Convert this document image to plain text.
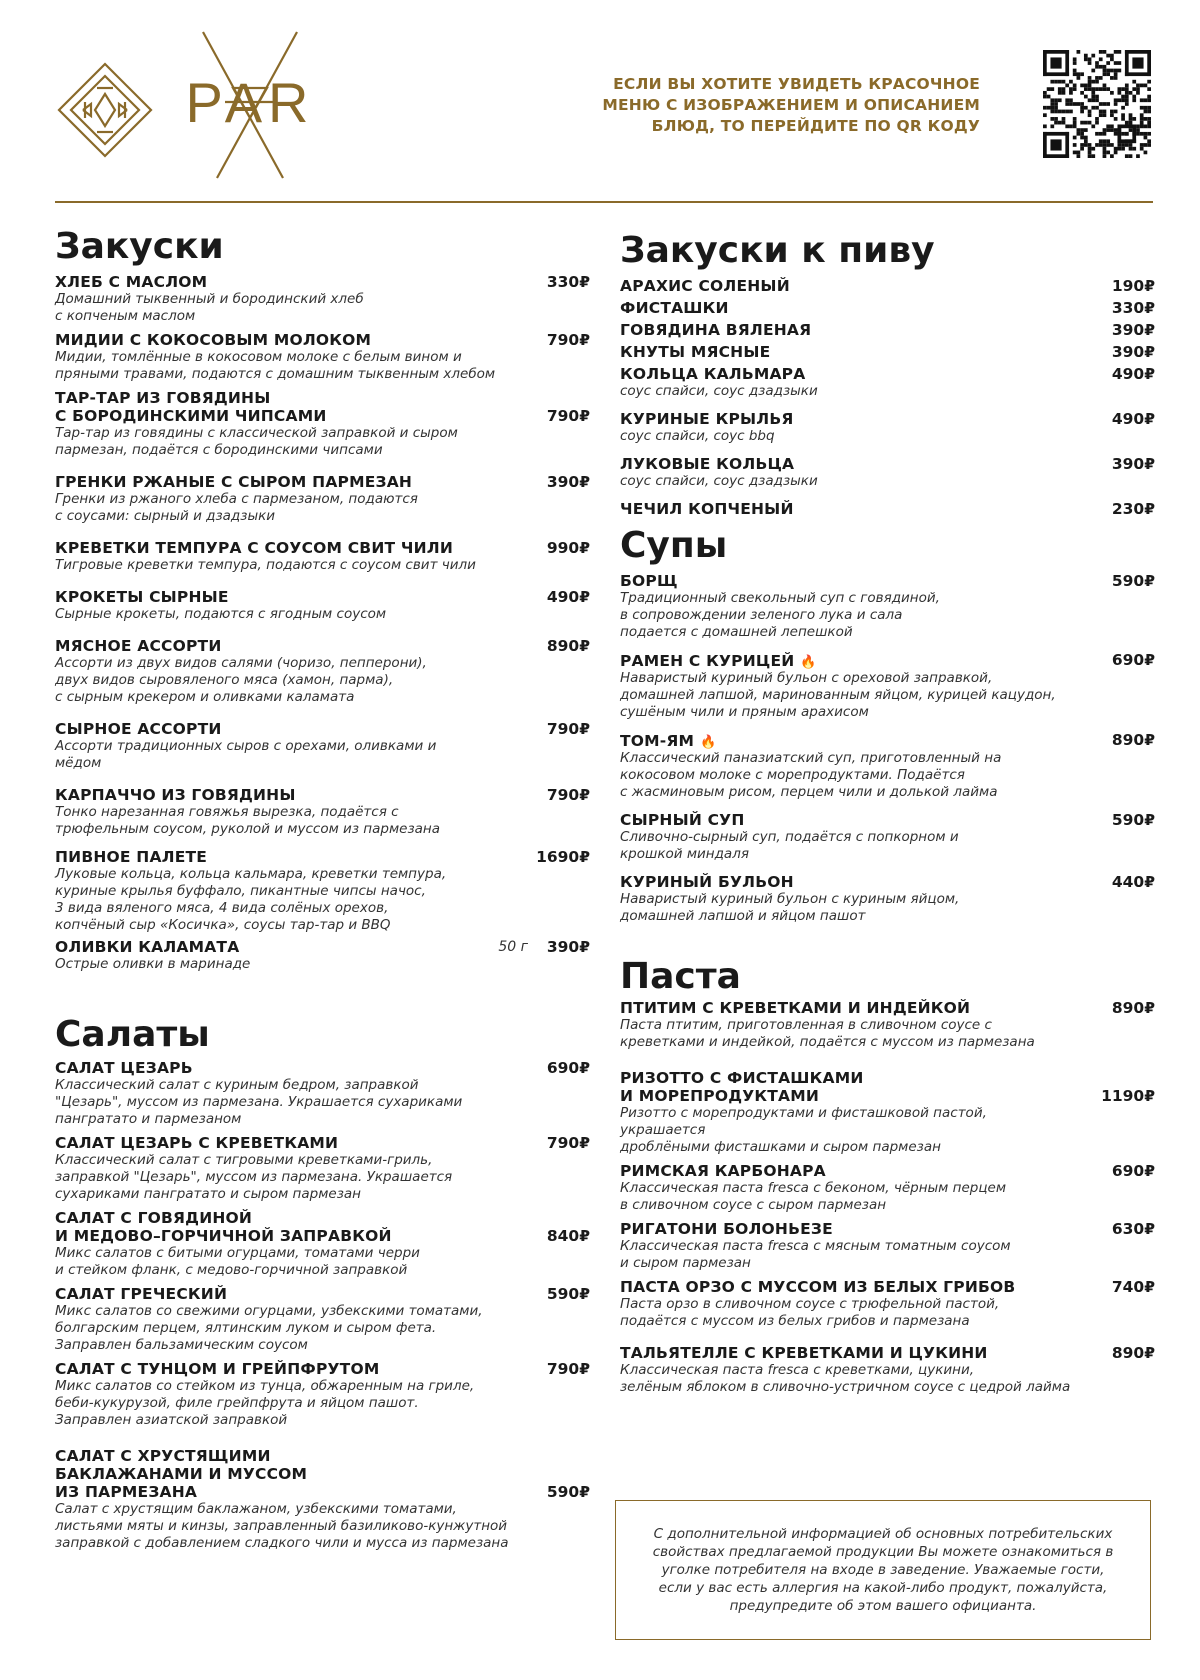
PAR	ЕСЛИ ВЫ ХОТИТЕ УВИДЕТЬ КРАСОЧНОЕ
МЕНЮ С ИЗОБРАЖЕНИЕМ И ОПИСАНИЕМ
БЛЮД, ТО ПЕРЕЙДИТЕ ПО QR КОДУ
Закуски
ХЛЕБ С МАСЛОМ	330₽
Домашний тыквенный и бородинский хлеб
с копченым маслом
МИДИИ С КОКОСОВЫМ МОЛОКОМ	790₽
Мидии, томлённые в кокосовом молоке с белым вином и
пряными травами, подаются с домашним тыквенным хлебом
ТАР-ТАР ИЗ ГОВЯДИНЫ
С БОРОДИНСКИМИ ЧИПСАМИ	790₽
Тар-тар из говядины с классической заправкой и сыром
пармезан, подаётся с бородинскими чипсами
ГРЕНКИ РЖАНЫЕ С СЫРОМ ПАРМЕЗАН	390₽
Гренки из ржаного хлеба с пармезаном, подаются
с соусами: сырный и дзадзыки
КРЕВЕТКИ ТЕМПУРА С СОУСОМ СВИТ ЧИЛИ	990₽
Тигровые креветки темпура, подаются с соусом свит чили
КРОКЕТЫ СЫРНЫЕ	490₽
Сырные крокеты, подаются с ягодным соусом
МЯСНОЕ АССОРТИ	890₽
Ассорти из двух видов салями (чоризо, пепперони),
двух видов сыровяленого мяса (хамон, парма),
с сырным крекером и оливками каламата
СЫРНОЕ АССОРТИ	790₽
Ассорти традиционных сыров с орехами, оливками и
мёдом
КАРПАЧЧО ИЗ ГОВЯДИНЫ	790₽
Тонко нарезанная говяжья вырезка, подаётся с
трюфельным соусом, руколой и муссом из пармезана
ПИВНОЕ ПАЛЕТЕ	1690₽
Луковые кольца, кольца кальмара, креветки темпура,
куриные крылья буффало, пикантные чипсы начос,
3 вида вяленого мяса, 4 вида солёных орехов,
копчёный сыр «Косичка», соусы тар-тар и BBQ
ОЛИВКИ КАЛАМАТА	390₽
50 г
Острые оливки в маринаде
Салаты
САЛАТ ЦЕЗАРЬ	690₽
Классический салат с куриным бедром, заправкой
"Цезарь", муссом из пармезана. Украшается сухариками
пангратато и пармезаном
САЛАТ ЦЕЗАРЬ С КРЕВЕТКАМИ	790₽
Классический салат с тигровыми креветками-гриль,
заправкой "Цезарь", муссом из пармезана. Украшается
сухариками пангратато и сыром пармезан
САЛАТ С ГОВЯДИНОЙ
И МЕДОВО–ГОРЧИЧНОЙ ЗАПРАВКОЙ	840₽
Микс салатов с битыми огурцами, томатами черри
и стейком фланк, с медово-горчичной заправкой
САЛАТ ГРЕЧЕСКИЙ	590₽
Микс салатов со свежими огурцами, узбекскими томатами,
болгарским перцем, ялтинским луком и сыром фета.
Заправлен бальзамическим соусом
САЛАТ С ТУНЦОМ И ГРЕЙПФРУТОМ	790₽
Микс салатов со стейком из тунца, обжаренным на гриле,
беби-кукурузой, филе грейпфрута и яйцом пашот.
Заправлен азиатской заправкой
САЛАТ С ХРУСТЯЩИМИ
БАКЛАЖАНАМИ И МУССОМ
ИЗ ПАРМЕЗАНА	590₽
Салат с хрустящим баклажаном, узбекскими томатами,
листьями мяты и кинзы, заправленный базиликово-кунжутной
заправкой с добавлением сладкого чили и мусса из пармезана
Закуски к пиву
АРАХИС СОЛЕНЫЙ	190₽
ФИСТАШКИ	330₽
ГОВЯДИНА ВЯЛЕНАЯ	390₽
КНУТЫ МЯСНЫЕ	390₽
КОЛЬЦА КАЛЬМАРА	490₽
соус спайси, соус дзадзыки
КУРИНЫЕ КРЫЛЬЯ	490₽
соус спайси, соус bbq
ЛУКОВЫЕ КОЛЬЦА	390₽
соус спайси, соус дзадзыки
ЧЕЧИЛ КОПЧЕНЫЙ	230₽
Супы
БОРЩ	590₽
Традиционный свекольный суп с говядиной,
в сопровождении зеленого лука и сала
подается с домашней лепешкой
РАМЕН С КУРИЦЕЙ 🔥	690₽
Наваристый куриный бульон с ореховой заправкой,
домашней лапшой, маринованным яйцом, курицей кацудон,
сушёным чили и пряным арахисом
ТОМ-ЯМ 🔥	890₽
Классический паназиатский суп, приготовленный на
кокосовом молоке с морепродуктами. Подаётся
с жасминовым рисом, перцем чили и долькой лайма
СЫРНЫЙ СУП	590₽
Сливочно-сырный суп, подаётся с попкорном и
крошкой миндаля
КУРИНЫЙ БУЛЬОН	440₽
Наваристый куриный бульон с куриным яйцом,
домашней лапшой и яйцом пашот
Паста
ПТИТИМ С КРЕВЕТКАМИ И ИНДЕЙКОЙ	890₽
Паста птитим, приготовленная в сливочном соусе с
креветками и индейкой, подаётся с муссом из пармезана
РИЗОТТО С ФИСТАШКАМИ
И МОРЕПРОДУКТАМИ	1190₽
Ризотто с морепродуктами и фисташковой пастой, украшается
дроблёными фисташками и сыром пармезан
РИМСКАЯ КАРБОНАРА	690₽
Классическая паста fresca с беконом, чёрным перцем
в сливочном соусе с сыром пармезан
РИГАТОНИ БОЛОНЬЕЗЕ	630₽
Классическая паста fresca с мясным томатным соусом
и сыром пармезан
ПАСТА ОРЗО С МУССОМ ИЗ БЕЛЫХ ГРИБОВ	740₽
Паста орзо в сливочном соусе с трюфельной пастой,
подаётся с муссом из белых грибов и пармезана
ТАЛЬЯТЕЛЛЕ С КРЕВЕТКАМИ И ЦУКИНИ	890₽
Классическая паста fresca с креветками, цукини,
зелёным яблоком в сливочно-устричном соусе с цедрой лайма
С дополнительной информацией об основных потребительских свойствах предлагаемой продукции Вы можете ознакомиться в уголке потребителя на входе в заведение. Уважаемые гости, если у вас есть аллергия на какой-либо продукт, пожалуйста, предупредите об этом вашего официанта.
